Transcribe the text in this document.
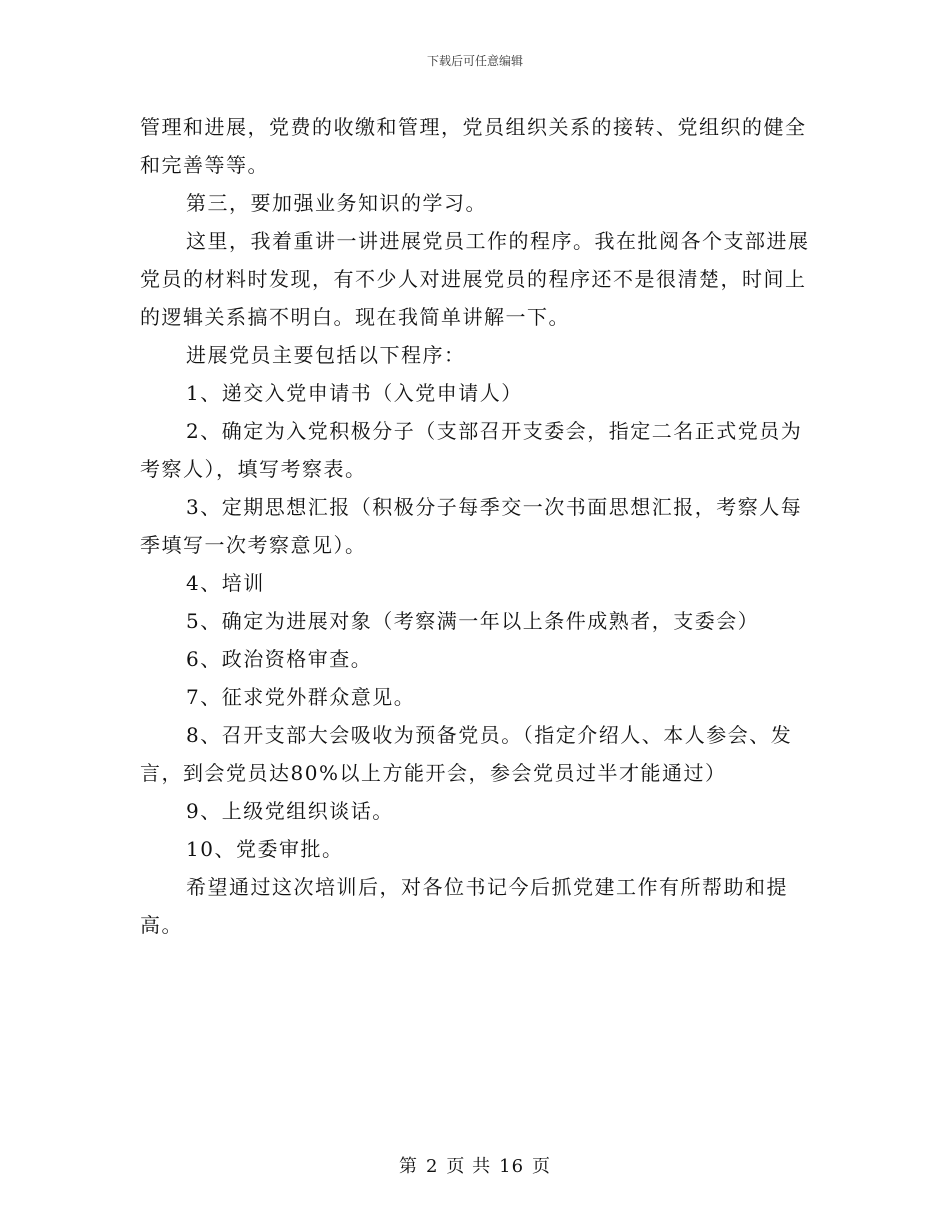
下载后可任意编辑

管理和进展，党费的收缴和管理，党员组织关系的接转、党组织的健全和完善等等。

第三，要加强业务知识的学习。

这里，我着重讲一讲进展党员工作的程序。我在批阅各个支部进展党员的材料时发现，有不少人对进展党员的程序还不是很清楚，时间上的逻辑关系搞不明白。现在我简单讲解一下。

进展党员主要包括以下程序：

1、递交入党申请书（入党申请人）

2、确定为入党积极分子（支部召开支委会，指定二名正式党员为考察人），填写考察表。

3、定期思想汇报（积极分子每季交一次书面思想汇报，考察人每季填写一次考察意见）。

4、培训

5、确定为进展对象（考察满一年以上条件成熟者，支委会）

6、政治资格审查。

7、征求党外群众意见。

8、召开支部大会吸收为预备党员。（指定介绍人、本人参会、发言，到会党员达80%以上方能开会，参会党员过半才能通过）

9、上级党组织谈话。

10、党委审批。

希望通过这次培训后，对各位书记今后抓党建工作有所帮助和提高。

第 2 页 共 16 页
